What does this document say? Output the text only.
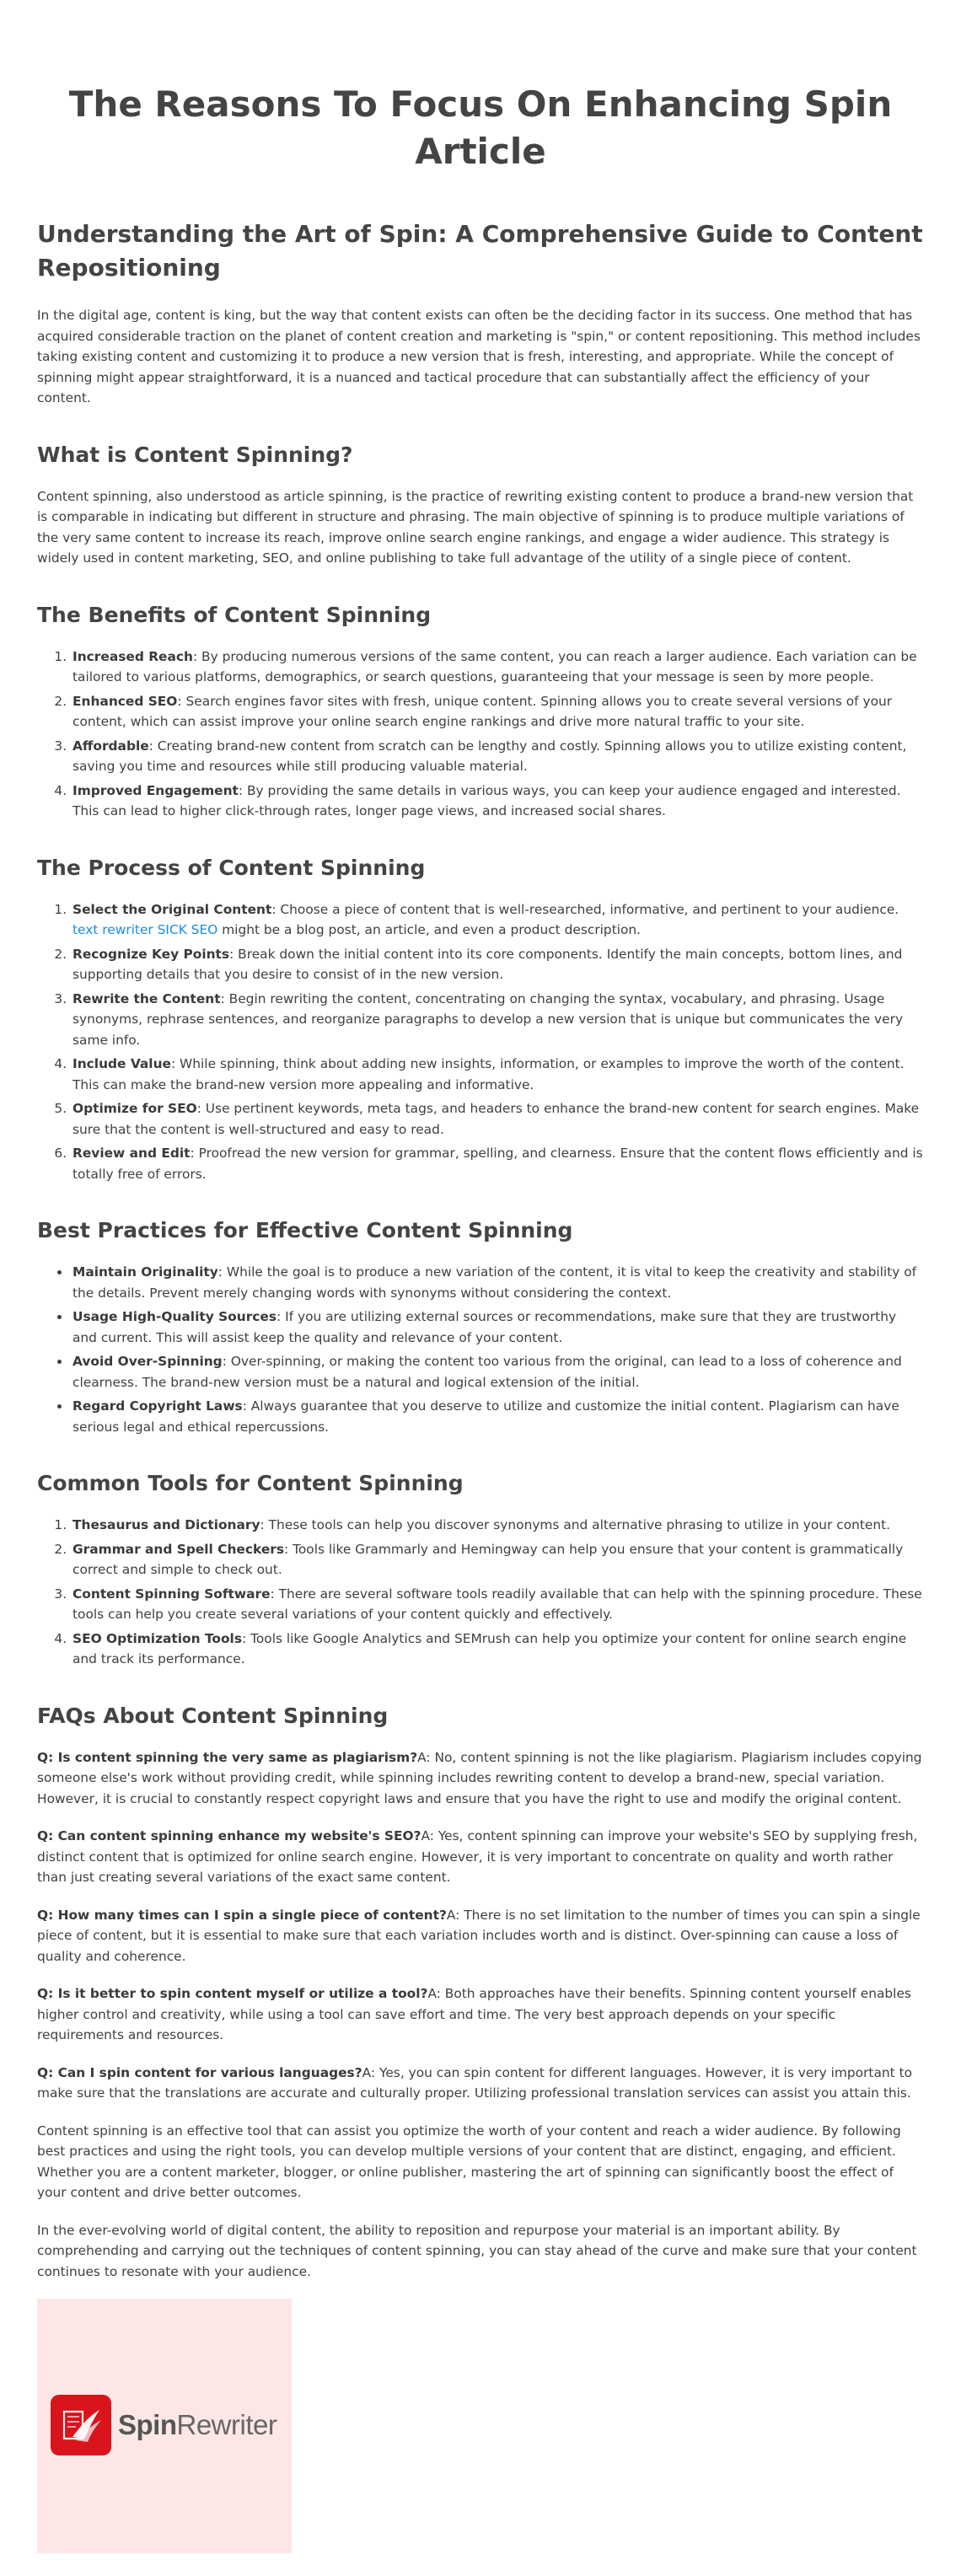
The Reasons To Focus On Enhancing Spin Article
Understanding the Art of Spin: A Comprehensive Guide to Content Repositioning

In the digital age, content is king, but the way that content exists can often be the deciding factor in its success. One method that has acquired considerable traction on the planet of content creation and marketing is "spin," or content repositioning. This method includes taking existing content and customizing it to produce a new version that is fresh, interesting, and appropriate. While the concept of spinning might appear straightforward, it is a nuanced and tactical procedure that can substantially affect the efficiency of your content.

What is Content Spinning?

Content spinning, also understood as article spinning, is the practice of rewriting existing content to produce a brand-new version that is comparable in indicating but different in structure and phrasing. The main objective of spinning is to produce multiple variations of the very same content to increase its reach, improve online search engine rankings, and engage a wider audience. This strategy is widely used in content marketing, SEO, and online publishing to take full advantage of the utility of a single piece of content.

The Benefits of Content Spinning
1. Increased Reach: By producing numerous versions of the same content, you can reach a larger audience. Each variation can be tailored to various platforms, demographics, or search questions, guaranteeing that your message is seen by more people.
2. Enhanced SEO: Search engines favor sites with fresh, unique content. Spinning allows you to create several versions of your content, which can assist improve your online search engine rankings and drive more natural traffic to your site.
3. Affordable: Creating brand-new content from scratch can be lengthy and costly. Spinning allows you to utilize existing content, saving you time and resources while still producing valuable material.
4. Improved Engagement: By providing the same details in various ways, you can keep your audience engaged and interested. This can lead to higher click-through rates, longer page views, and increased social shares.
The Process of Content Spinning
1. Select the Original Content: Choose a piece of content that is well-researched, informative, and pertinent to your audience. text rewriter SICK SEO might be a blog post, an article, and even a product description.
2. Recognize Key Points: Break down the initial content into its core components. Identify the main concepts, bottom lines, and supporting details that you desire to consist of in the new version.
3. Rewrite the Content: Begin rewriting the content, concentrating on changing the syntax, vocabulary, and phrasing. Usage synonyms, rephrase sentences, and reorganize paragraphs to develop a new version that is unique but communicates the very same info.
4. Include Value: While spinning, think about adding new insights, information, or examples to improve the worth of the content. This can make the brand-new version more appealing and informative.
5. Optimize for SEO: Use pertinent keywords, meta tags, and headers to enhance the brand-new content for search engines. Make sure that the content is well-structured and easy to read.
6. Review and Edit: Proofread the new version for grammar, spelling, and clearness. Ensure that the content flows efficiently and is totally free of errors.
Best Practices for Effective Content Spinning
• Maintain Originality: While the goal is to produce a new variation of the content, it is vital to keep the creativity and stability of the details. Prevent merely changing words with synonyms without considering the context.
• Usage High-Quality Sources: If you are utilizing external sources or recommendations, make sure that they are trustworthy and current. This will assist keep the quality and relevance of your content.
• Avoid Over-Spinning: Over-spinning, or making the content too various from the original, can lead to a loss of coherence and clearness. The brand-new version must be a natural and logical extension of the initial.
• Regard Copyright Laws: Always guarantee that you deserve to utilize and customize the initial content. Plagiarism can have serious legal and ethical repercussions.
Common Tools for Content Spinning
1. Thesaurus and Dictionary: These tools can help you discover synonyms and alternative phrasing to utilize in your content.
2. Grammar and Spell Checkers: Tools like Grammarly and Hemingway can help you ensure that your content is grammatically correct and simple to check out.
3. Content Spinning Software: There are several software tools readily available that can help with the spinning procedure. These tools can help you create several variations of your content quickly and effectively.
4. SEO Optimization Tools: Tools like Google Analytics and SEMrush can help you optimize your content for online search engine and track its performance.
FAQs About Content Spinning

Q: Is content spinning the very same as plagiarism?A: No, content spinning is not the like plagiarism. Plagiarism includes copying someone else's work without providing credit, while spinning includes rewriting content to develop a brand-new, special variation. However, it is crucial to constantly respect copyright laws and ensure that you have the right to use and modify the original content.

Q: Can content spinning enhance my website's SEO?A: Yes, content spinning can improve your website's SEO by supplying fresh, distinct content that is optimized for online search engine. However, it is very important to concentrate on quality and worth rather than just creating several variations of the exact same content.

Q: How many times can I spin a single piece of content?A: There is no set limitation to the number of times you can spin a single piece of content, but it is essential to make sure that each variation includes worth and is distinct. Over-spinning can cause a loss of quality and coherence.

Q: Is it better to spin content myself or utilize a tool?A: Both approaches have their benefits. Spinning content yourself enables higher control and creativity, while using a tool can save effort and time. The very best approach depends on your specific requirements and resources.

Q: Can I spin content for various languages?A: Yes, you can spin content for different languages. However, it is very important to make sure that the translations are accurate and culturally proper. Utilizing professional translation services can assist you attain this.

Content spinning is an effective tool that can assist you optimize the worth of your content and reach a wider audience. By following best practices and using the right tools, you can develop multiple versions of your content that are distinct, engaging, and efficient. Whether you are a content marketer, blogger, or online publisher, mastering the art of spinning can significantly boost the effect of your content and drive better outcomes.

In the ever-evolving world of digital content, the ability to reposition and repurpose your material is an important ability. By comprehending and carrying out the techniques of content spinning, you can stay ahead of the curve and make sure that your content continues to resonate with your audience.

SpinRewriter
